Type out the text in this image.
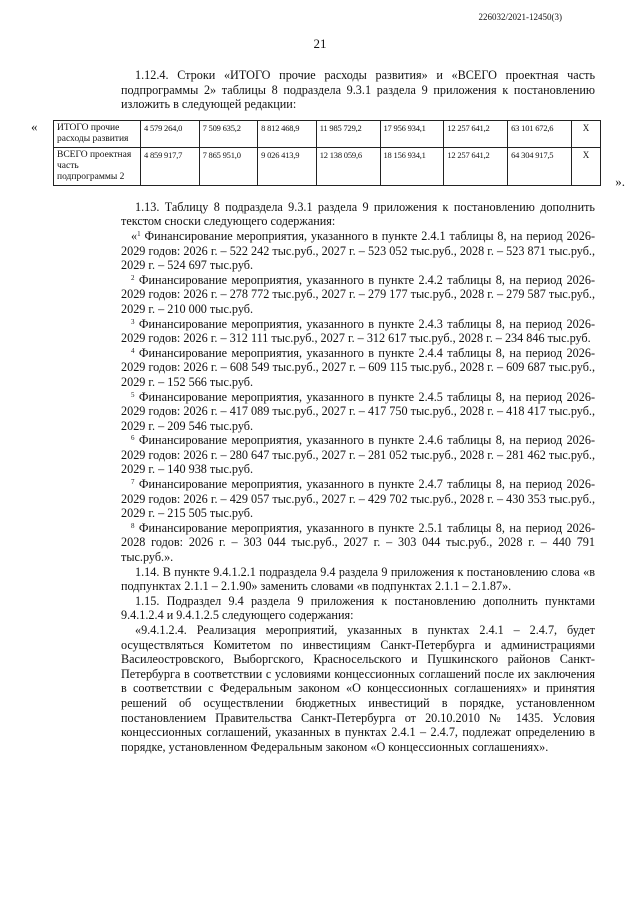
226032/2021-12450(3)
21

1.12.4. Строки «ИТОГО прочие расходы развития» и «ВСЕГО проектная часть подпрограммы 2» таблицы 8 подраздела 9.3.1 раздела 9 приложения к постановлению изложить в следующей редакции:

« ИТОГО прочие расходы развития	4 579 264,0	7 509 635,2	8 812 468,9	11 985 729,2	17 956 934,1	12 257 641,2	63 101 672,6	X
ВСЕГО проектная часть подпрограммы 2	4 859 917,7	7 865 951,0	9 026 413,9	12 138 059,6	18 156 934,1	12 257 641,2	64 304 917,5	X
».

1.13. Таблицу 8 подраздела 9.3.1 раздела 9 приложения к постановлению дополнить текстом сноски следующего содержания:

«$^1$ Финансирование мероприятия, указанного в пункте 2.4.1 таблицы 8, на период 2026-2029 годов: 2026 г. – 522 242 тыс.руб., 2027 г. – 523 052 тыс.руб., 2028 г. – 523 871 тыс.руб., 2029 г. – 524 697 тыс.руб.

$^2$ Финансирование мероприятия, указанного в пункте 2.4.2 таблицы 8, на период 2026-2029 годов: 2026 г. – 278 772 тыс.руб., 2027 г. – 279 177 тыс.руб., 2028 г. – 279 587 тыс.руб., 2029 г. – 210 000 тыс.руб.

$^3$ Финансирование мероприятия, указанного в пункте 2.4.3 таблицы 8, на период 2026-2029 годов: 2026 г. – 312 111 тыс.руб., 2027 г. – 312 617 тыс.руб., 2028 г. – 234 846 тыс.руб.

$^4$ Финансирование мероприятия, указанного в пункте 2.4.4 таблицы 8, на период 2026-2029 годов: 2026 г. – 608 549 тыс.руб., 2027 г. – 609 115 тыс.руб., 2028 г. – 609 687 тыс.руб., 2029 г. – 152 566 тыс.руб.

$^5$ Финансирование мероприятия, указанного в пункте 2.4.5 таблицы 8, на период 2026-2029 годов: 2026 г. – 417 089 тыс.руб., 2027 г. – 417 750 тыс.руб., 2028 г. – 418 417 тыс.руб., 2029 г. – 209 546 тыс.руб.

$^6$ Финансирование мероприятия, указанного в пункте 2.4.6 таблицы 8, на период 2026-2029 годов: 2026 г. – 280 647 тыс.руб., 2027 г. – 281 052 тыс.руб., 2028 г. – 281 462 тыс.руб., 2029 г. – 140 938 тыс.руб.

$^7$ Финансирование мероприятия, указанного в пункте 2.4.7 таблицы 8, на период 2026-2029 годов: 2026 г. – 429 057 тыс.руб., 2027 г. – 429 702 тыс.руб., 2028 г. – 430 353 тыс.руб., 2029 г. – 215 505 тыс.руб.

$^8$ Финансирование мероприятия, указанного в пункте 2.5.1 таблицы 8, на период 2026-2028 годов: 2026 г. – 303 044 тыс.руб., 2027 г. – 303 044 тыс.руб., 2028 г. – 440 791 тыс.руб.».

1.14. В пункте 9.4.1.2.1 подраздела 9.4 раздела 9 приложения к постановлению слова «в подпунктах 2.1.1 – 2.1.90» заменить словами «в подпунктах 2.1.1 – 2.1.87».

1.15. Подраздел 9.4 раздела 9 приложения к постановлению дополнить пунктами 9.4.1.2.4 и 9.4.1.2.5 следующего содержания:

«9.4.1.2.4. Реализация мероприятий, указанных в пунктах 2.4.1 – 2.4.7, будет осуществляться Комитетом по инвестициям Санкт-Петербурга и администрациями Василеостровского, Выборгского, Красносельского и Пушкинского районов Санкт-Петербурга в соответствии с условиями концессионных соглашений после их заключения в соответствии с Федеральным законом «О концессионных соглашениях» и принятия решений об осуществлении бюджетных инвестиций в порядке, установленном постановлением Правительства Санкт-Петербурга от 20.10.2010 № 1435. Условия концессионных соглашений, указанных в пунктах 2.4.1 – 2.4.7, подлежат определению в порядке, установленном Федеральным законом «О концессионных соглашениях».
